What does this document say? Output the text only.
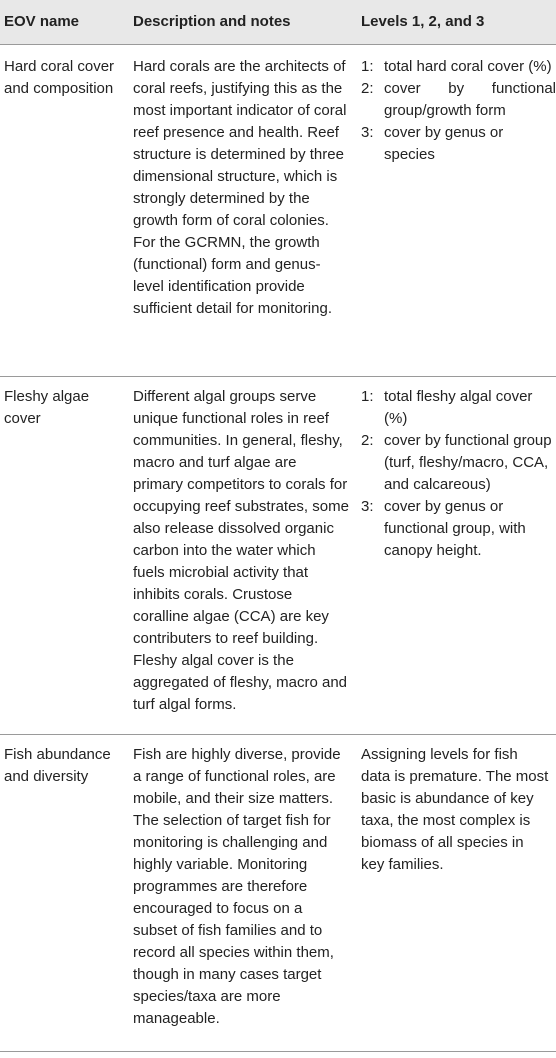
EOV name	Description and notes	Levels 1, 2, and 3
Hard coral cover and composition
Hard corals are the architects of coral reefs, justifying this as the most important indicator of coral reef presence and health. Reef structure is determined by three dimensional structure, which is strongly determined by the growth form of coral colonies. For the GCRMN, the growth (functional) form and genus-level identification provide sufficient detail for monitoring.
1: total hard coral cover (%)
2: cover by functional group/growth form
3: cover by genus or species
Fleshy algae cover
Different algal groups serve unique functional roles in reef communities. In general, fleshy, macro and turf algae are primary competitors to corals for occupying reef substrates, some also release dissolved organic carbon into the water which fuels microbial activity that inhibits corals. Crustose coralline algae (CCA) are key contributers to reef building. Fleshy algal cover is the aggregated of fleshy, macro and turf algal forms.
1: total fleshy algal cover (%)
2: cover by functional group (turf, fleshy/macro, CCA, and calcareous)
3: cover by genus or functional group, with canopy height.
Fish abundance and diversity
Fish are highly diverse, provide a range of functional roles, are mobile, and their size matters. The selection of target fish for monitoring is challenging and highly variable. Monitoring programmes are therefore encouraged to focus on a subset of fish families and to record all species within them, though in many cases target species/taxa are more manageable.
Assigning levels for fish data is premature. The most basic is abundance of key taxa, the most complex is biomass of all species in key families.
